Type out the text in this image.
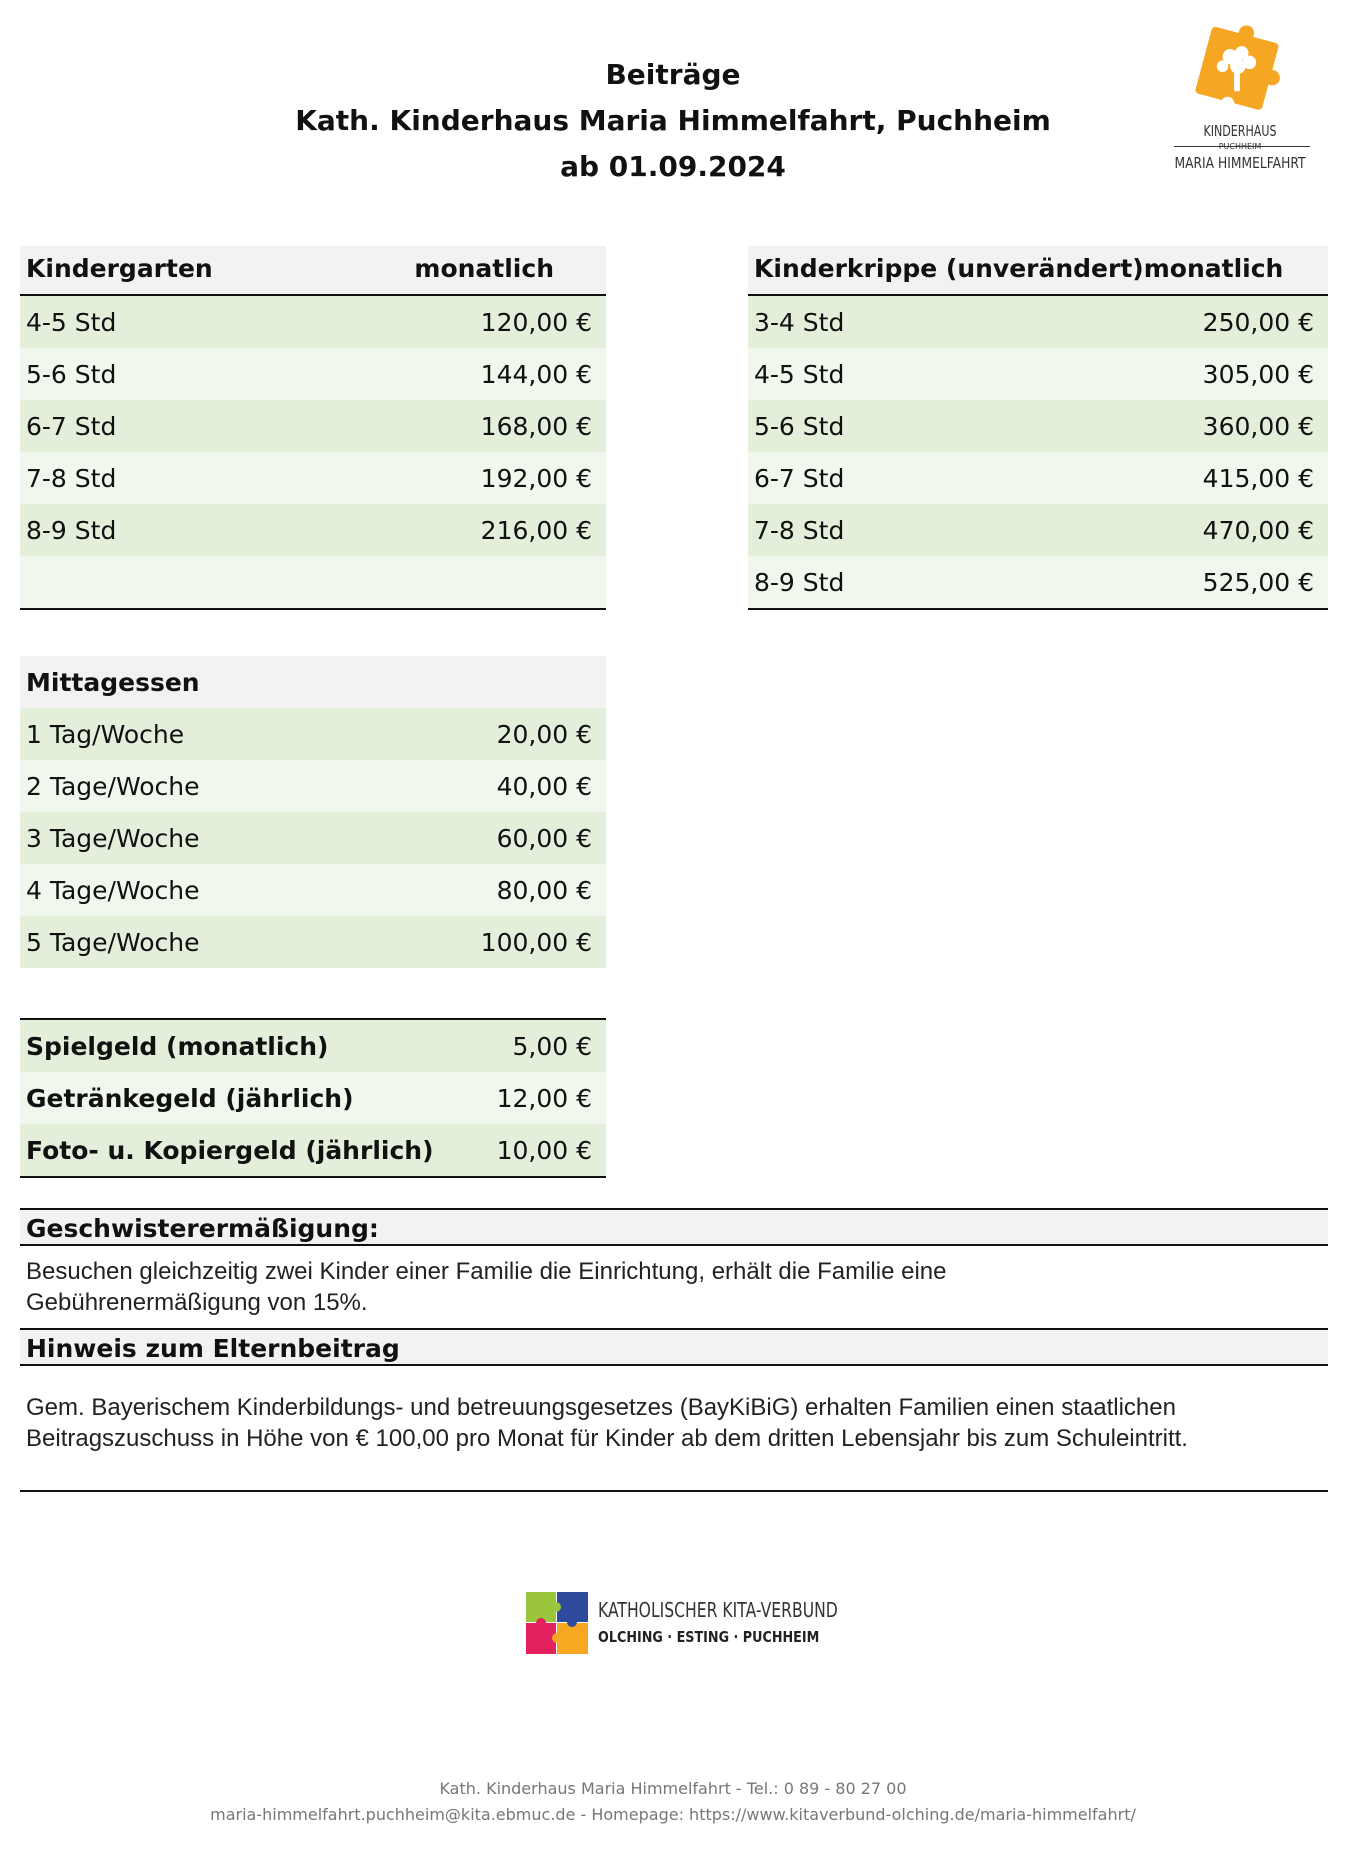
Beiträge
Kath. Kinderhaus Maria Himmelfahrt, Puchheim
ab 01.09.2024
KINDERHAUS
PUCHHEIM
MARIA HIMMELFAHRT
Kindergarten	monatlich
4-5 Std	120,00 €
5-6 Std	144,00 €
6-7 Std	168,00 €
7-8 Std	192,00 €
8-9 Std	216,00 €
Kinderkrippe (unverändert) monatlich
3-4 Std	250,00 €
4-5 Std	305,00 €
5-6 Std	360,00 €
6-7 Std	415,00 €
7-8 Std	470,00 €
8-9 Std	525,00 €
Mittagessen
1 Tag/Woche	20,00 €
2 Tage/Woche	40,00 €
3 Tage/Woche	60,00 €
4 Tage/Woche	80,00 €
5 Tage/Woche	100,00 €
Spielgeld (monatlich)	5,00 €
Getränkegeld (jährlich)	12,00 €
Foto- u. Kopiergeld (jährlich)	10,00 €
Geschwisterermäßigung:
Besuchen gleichzeitig zwei Kinder einer Familie die Einrichtung, erhält die Familie eine
Gebührenermäßigung von 15%.
Hinweis zum Elternbeitrag
Gem. Bayerischem Kinderbildungs- und betreuungsgesetzes (BayKiBiG) erhalten Familien einen staatlichen
Beitragszuschuss in Höhe von € 100,00 pro Monat für Kinder ab dem dritten Lebensjahr bis zum Schuleintritt.
KATHOLISCHER KITA-VERBUND
OLCHING · ESTING · PUCHHEIM
Kath. Kinderhaus Maria Himmelfahrt - Tel.: 0 89 - 80 27 00
maria-himmelfahrt.puchheim@kita.ebmuc.de - Homepage: https://www.kitaverbund-olching.de/maria-himmelfahrt/
